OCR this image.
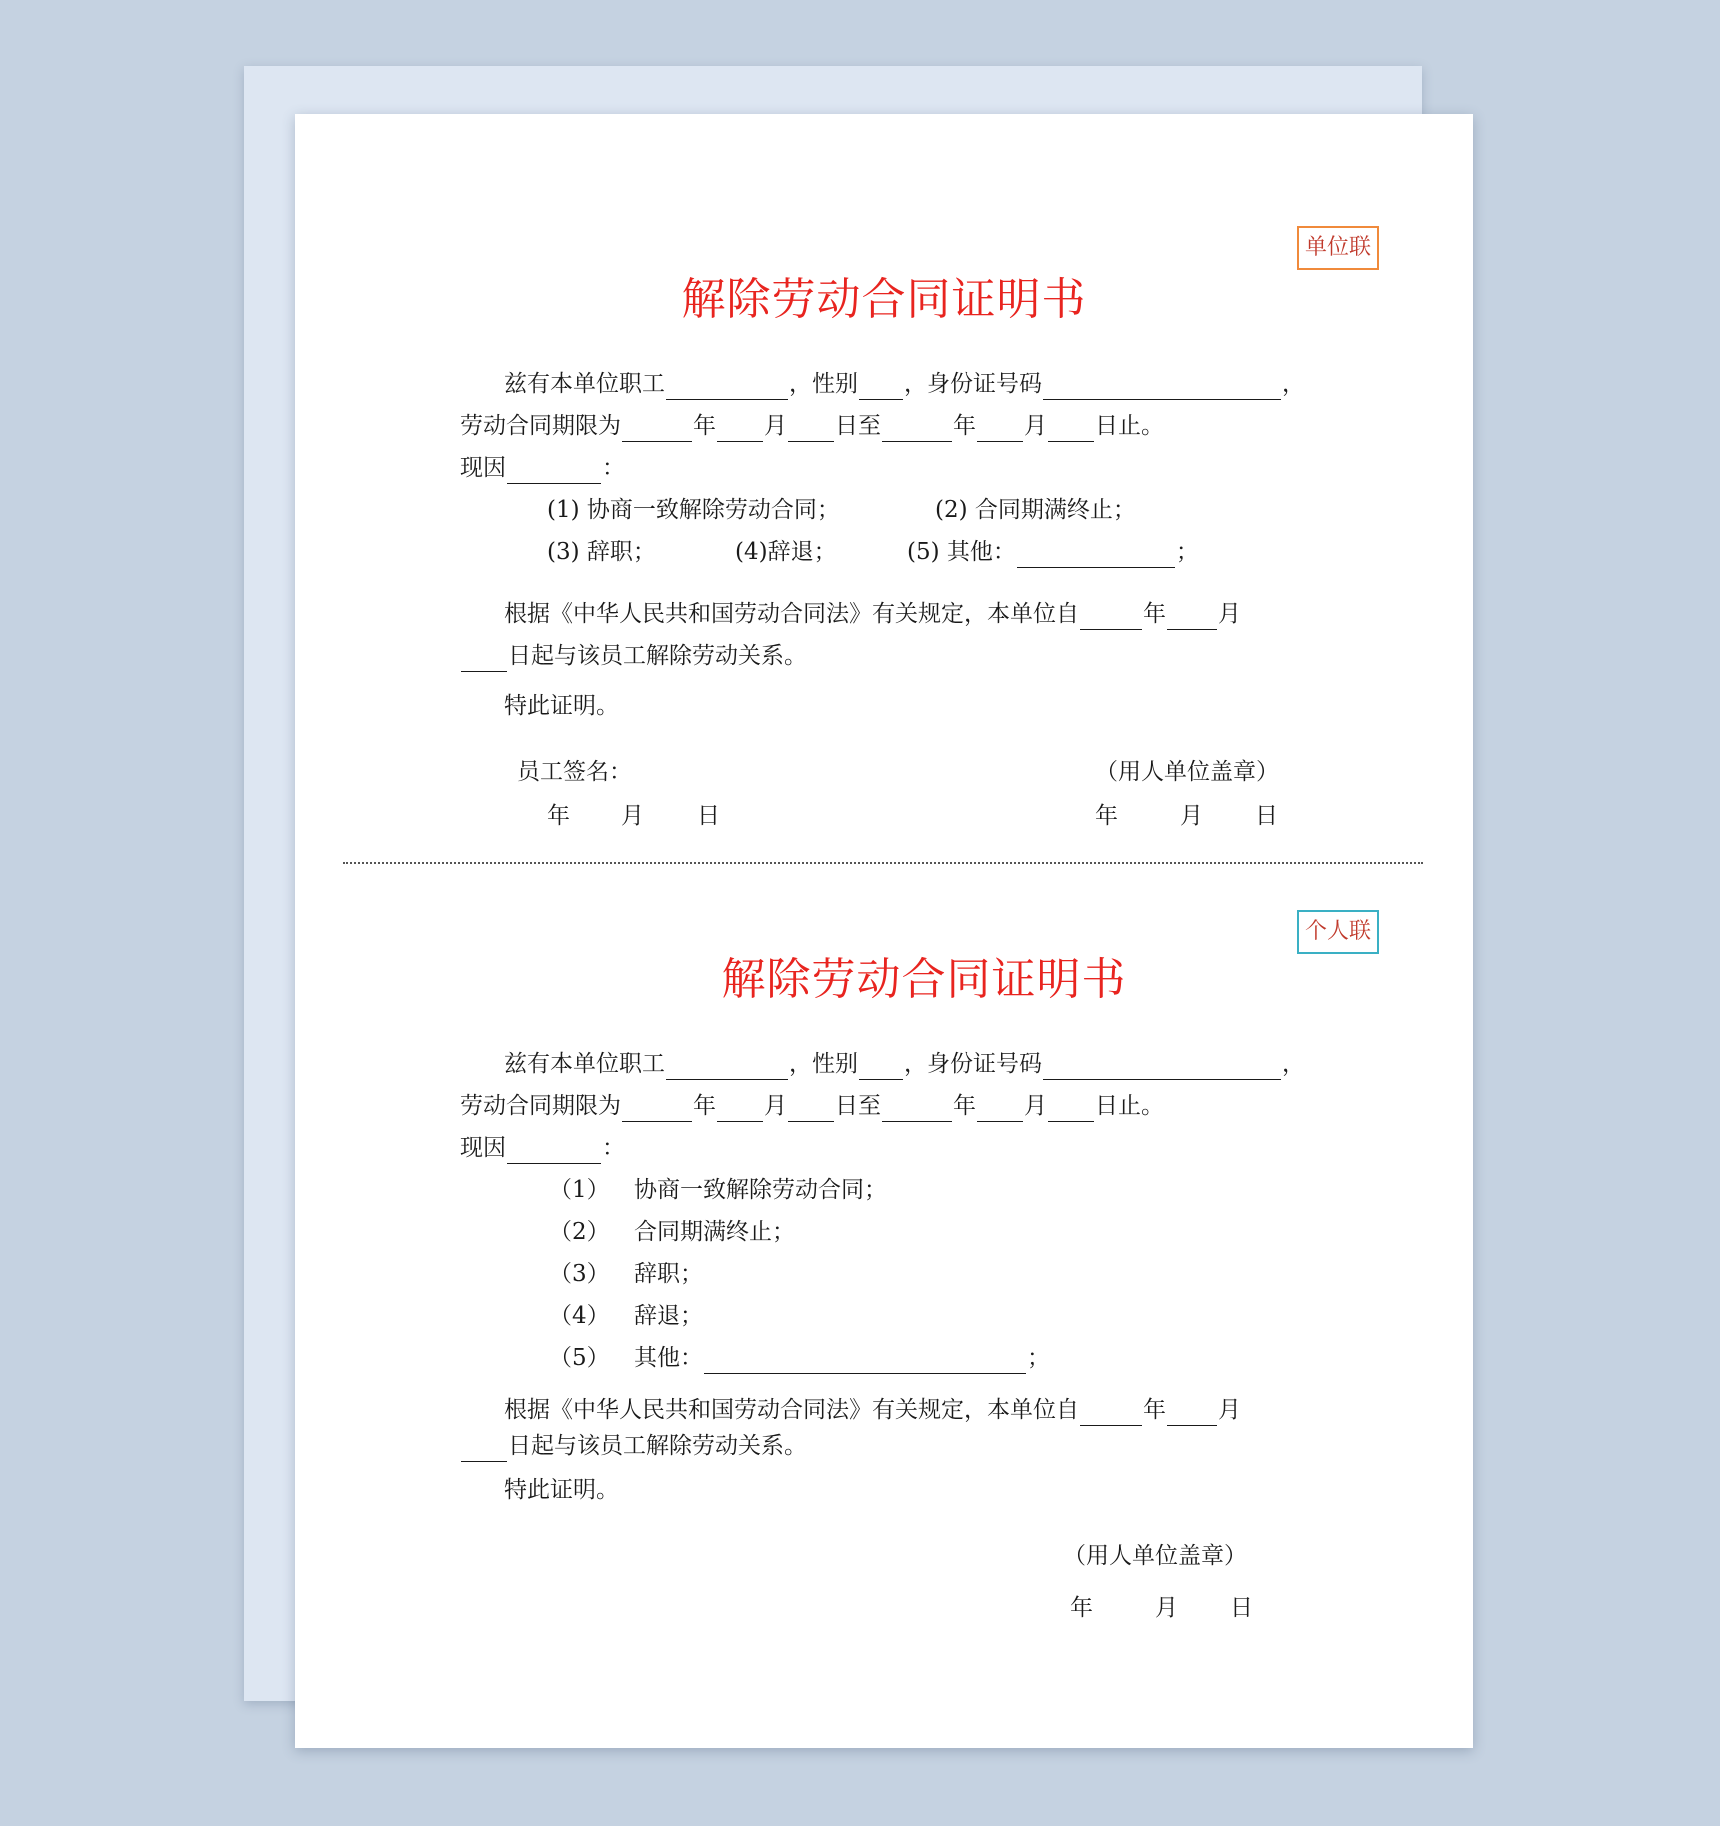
单位联
解除劳动合同证明书
兹有本单位职工	，性别 ，身份证号码	，
劳动合同期限为	年 月 日至	年 月 日止。
现因	：
(1) 协商一致解除劳动合同；	(2) 合同期满终止；
(3) 辞职；	(4)辞退；	(5) 其他：	；
根据《中华人民共和国劳动合同法》有关规定，本单位自	年 月
日起与该员工解除劳动关系。
特此证明。
员工签名：	（用人单位盖章）
年 月 日	年	月 日
个人联
解除劳动合同证明书
兹有本单位职工	，性别 ，身份证号码	，
劳动合同期限为	年 月 日至	年 月 日止。
现因	：
（1） 协商一致解除劳动合同；
（2） 合同期满终止；
（3） 辞职；
（4） 辞退；
（5） 其他：	；
根据《中华人民共和国劳动合同法》有关规定，本单位自	年 月
日起与该员工解除劳动关系。
特此证明。
（用人单位盖章）
年	月 日
